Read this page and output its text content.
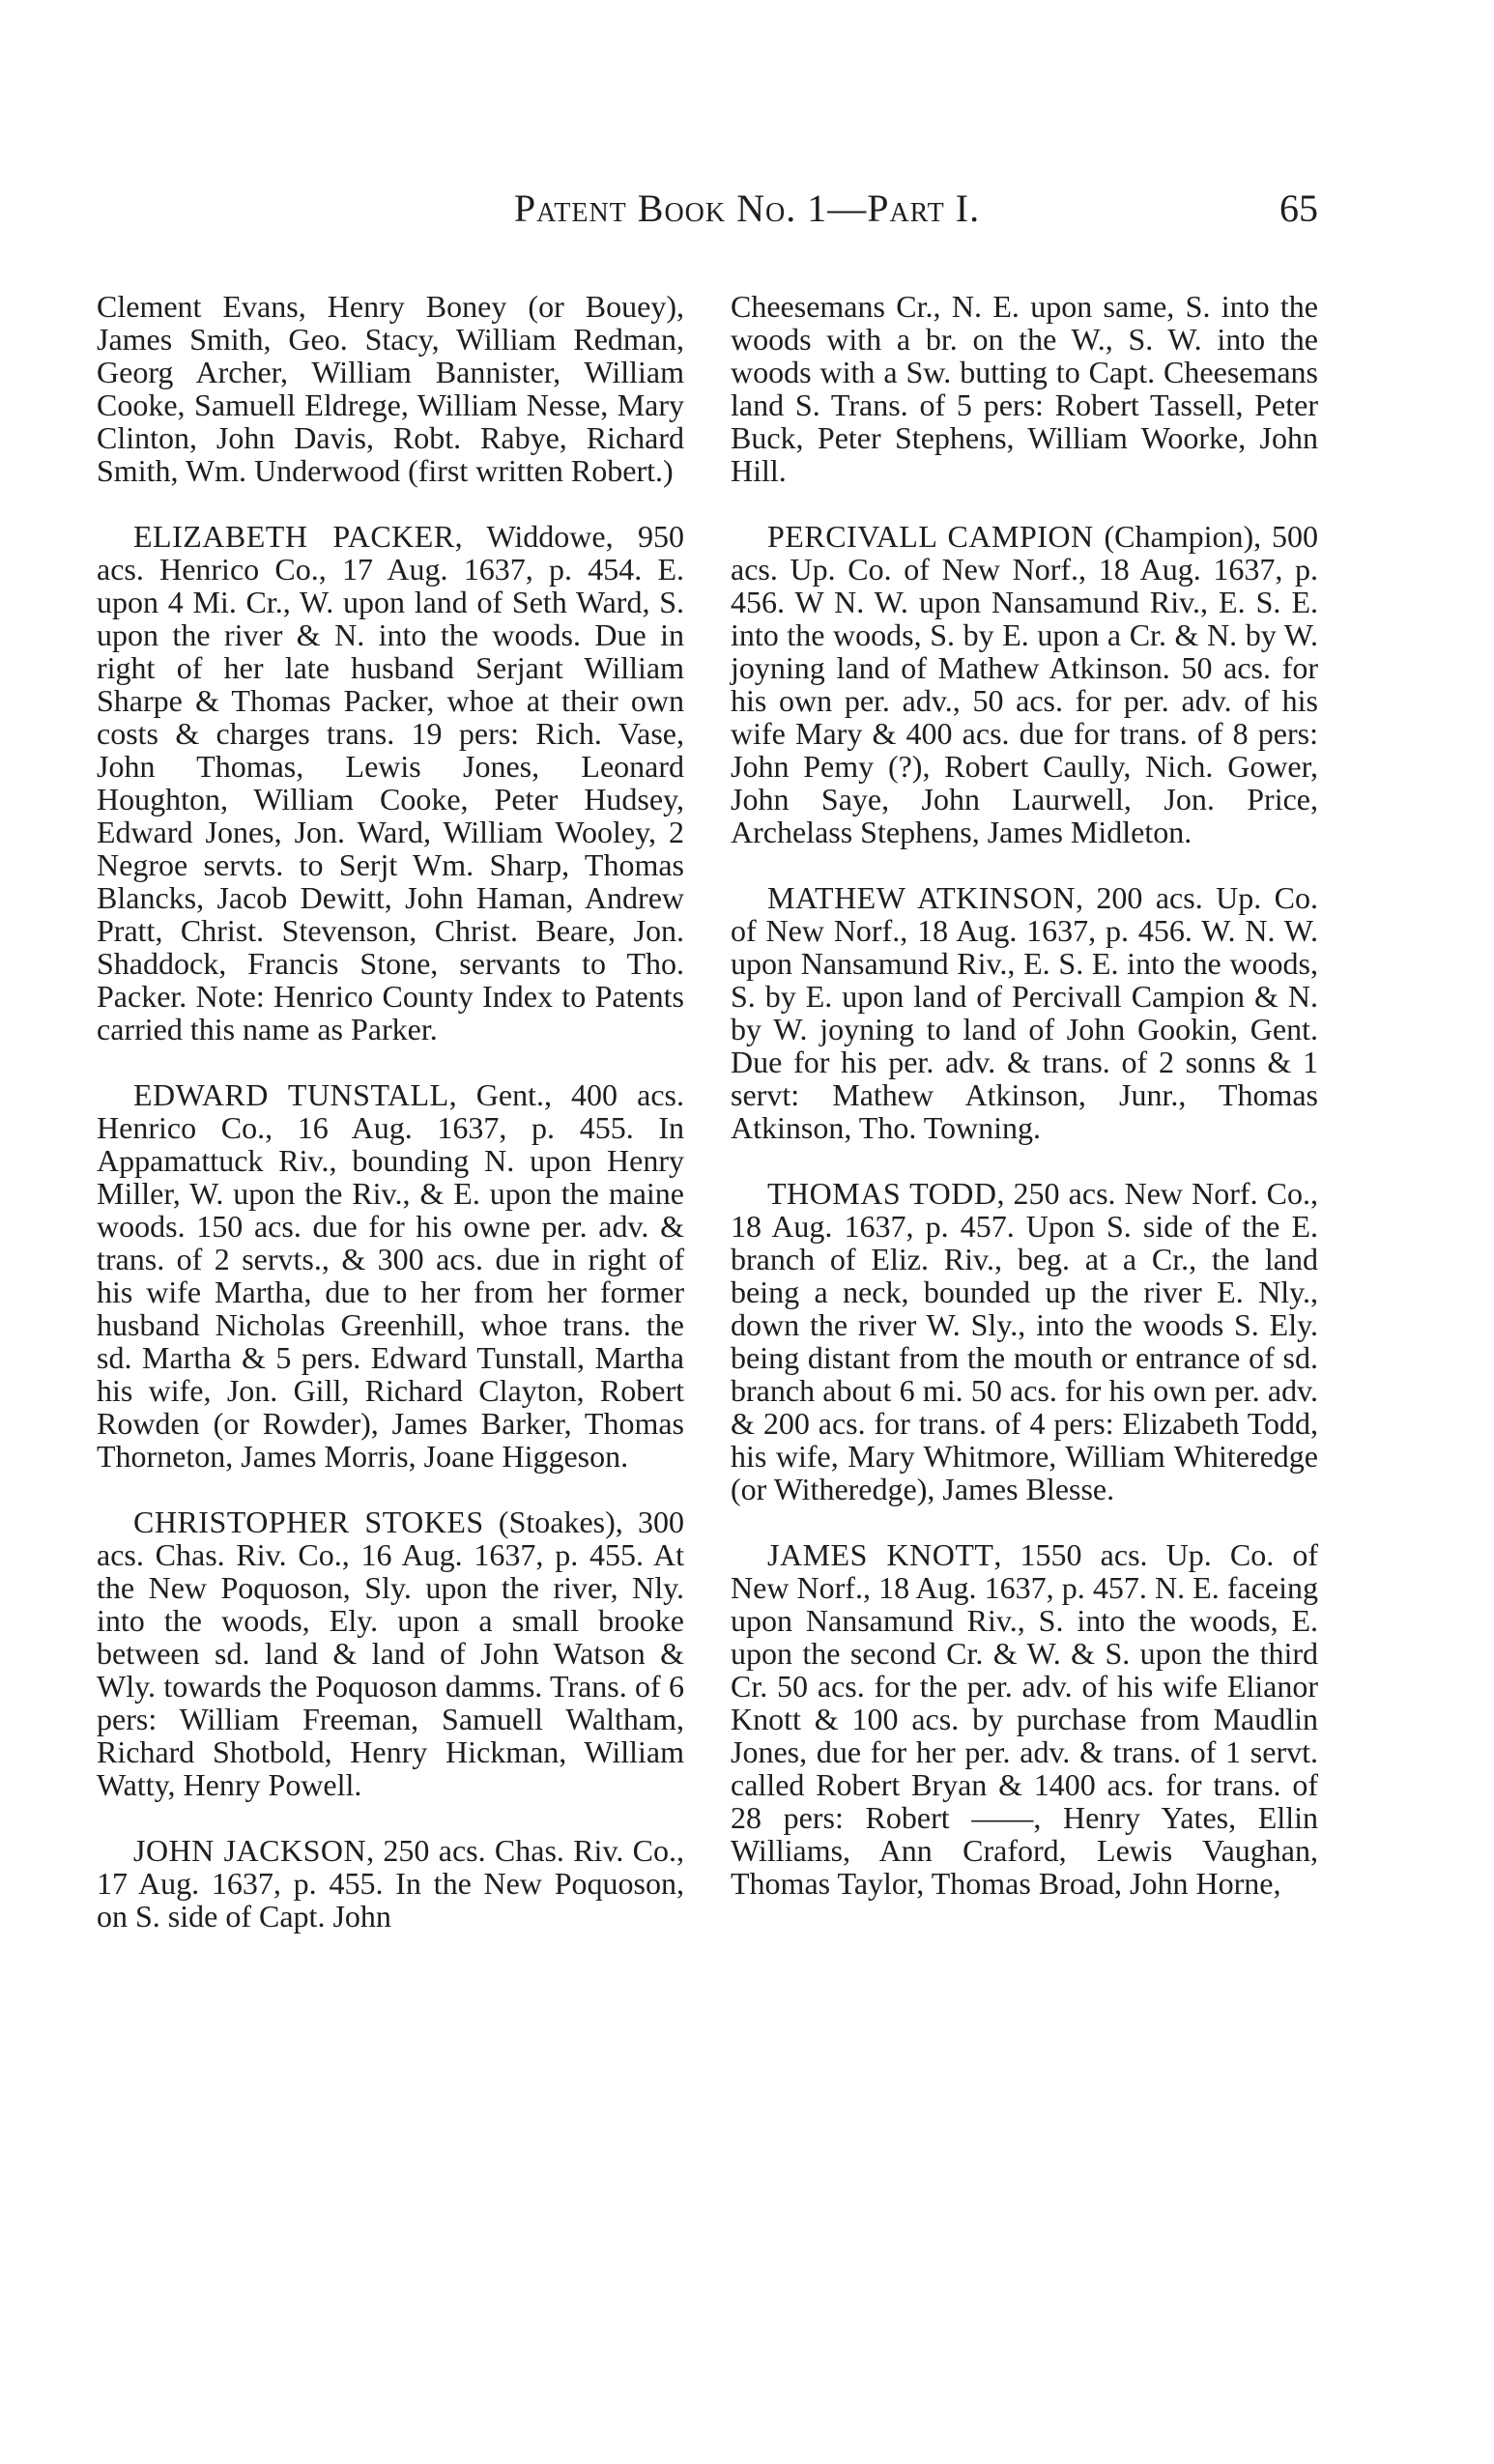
Patent Book No. 1—Part I.	65

Clement Evans, Henry Boney (or Bouey), James Smith, Geo. Stacy, William Redman, Georg Archer, William Bannister, William Cooke, Samuell Eldrege, William Nesse, Mary Clinton, John Davis, Robt. Rabye, Richard Smith, Wm. Underwood (first written Robert.)

ELIZABETH PACKER, Widdowe, 950 acs. Henrico Co., 17 Aug. 1637, p. 454. E. upon 4 Mi. Cr., W. upon land of Seth Ward, S. upon the river & N. into the woods. Due in right of her late husband Serjant William Sharpe & Thomas Packer, whoe at their own costs & charges trans. 19 pers: Rich. Vase, John Thomas, Lewis Jones, Leonard Houghton, William Cooke, Peter Hudsey, Edward Jones, Jon. Ward, William Wooley, 2 Negroe servts. to Serjt Wm. Sharp, Thomas Blancks, Jacob Dewitt, John Haman, Andrew Pratt, Christ. Stevenson, Christ. Beare, Jon. Shaddock, Francis Stone, servants to Tho. Packer. Note: Henrico County Index to Patents carried this name as Parker.

EDWARD TUNSTALL, Gent., 400 acs. Henrico Co., 16 Aug. 1637, p. 455. In Appamattuck Riv., bounding N. upon Henry Miller, W. upon the Riv., & E. upon the maine woods. 150 acs. due for his owne per. adv. & trans. of 2 servts., & 300 acs. due in right of his wife Martha, due to her from her former husband Nicholas Greenhill, whoe trans. the sd. Martha & 5 pers. Edward Tunstall, Martha his wife, Jon. Gill, Richard Clayton, Robert Rowden (or Rowder), James Barker, Thomas Thorneton, James Morris, Joane Higgeson.

CHRISTOPHER STOKES (Stoakes), 300 acs. Chas. Riv. Co., 16 Aug. 1637, p. 455. At the New Poquoson, Sly. upon the river, Nly. into the woods, Ely. upon a small brooke between sd. land & land of John Watson & Wly. towards the Poquoson damms. Trans. of 6 pers: William Freeman, Samuell Waltham, Richard Shotbold, Henry Hickman, William Watty, Henry Powell.

JOHN JACKSON, 250 acs. Chas. Riv. Co., 17 Aug. 1637, p. 455. In the New Poquoson, on S. side of Capt. John

Cheesemans Cr., N. E. upon same, S. into the woods with a br. on the W., S. W. into the woods with a Sw. butting to Capt. Cheesemans land S. Trans. of 5 pers: Robert Tassell, Peter Buck, Peter Stephens, William Woorke, John Hill.

PERCIVALL CAMPION (Champion), 500 acs. Up. Co. of New Norf., 18 Aug. 1637, p. 456. W N. W. upon Nansamund Riv., E. S. E. into the woods, S. by E. upon a Cr. & N. by W. joyning land of Mathew Atkinson. 50 acs. for his own per. adv., 50 acs. for per. adv. of his wife Mary & 400 acs. due for trans. of 8 pers: John Pemy (?), Robert Caully, Nich. Gower, John Saye, John Laurwell, Jon. Price, Archelass Stephens, James Midleton.

MATHEW ATKINSON, 200 acs. Up. Co. of New Norf., 18 Aug. 1637, p. 456. W. N. W. upon Nansamund Riv., E. S. E. into the woods, S. by E. upon land of Percivall Campion & N. by W. joyning to land of John Gookin, Gent. Due for his per. adv. & trans. of 2 sonns & 1 servt: Mathew Atkinson, Junr., Thomas Atkinson, Tho. Towning.

THOMAS TODD, 250 acs. New Norf. Co., 18 Aug. 1637, p. 457. Upon S. side of the E. branch of Eliz. Riv., beg. at a Cr., the land being a neck, bounded up the river E. Nly., down the river W. Sly., into the woods S. Ely. being distant from the mouth or entrance of sd. branch about 6 mi. 50 acs. for his own per. adv. & 200 acs. for trans. of 4 pers: Elizabeth Todd, his wife, Mary Whitmore, William Whiteredge (or Witheredge), James Blesse.

JAMES KNOTT, 1550 acs. Up. Co. of New Norf., 18 Aug. 1637, p. 457. N. E. faceing upon Nansamund Riv., S. into the woods, E. upon the second Cr. & W. & S. upon the third Cr. 50 acs. for the per. adv. of his wife Elianor Knott & 100 acs. by purchase from Maudlin Jones, due for her per. adv. & trans. of 1 servt. called Robert Bryan & 1400 acs. for trans. of 28 pers: Robert ——, Henry Yates, Ellin Williams, Ann Craford, Lewis Vaughan, Thomas Taylor, Thomas Broad, John Horne,
